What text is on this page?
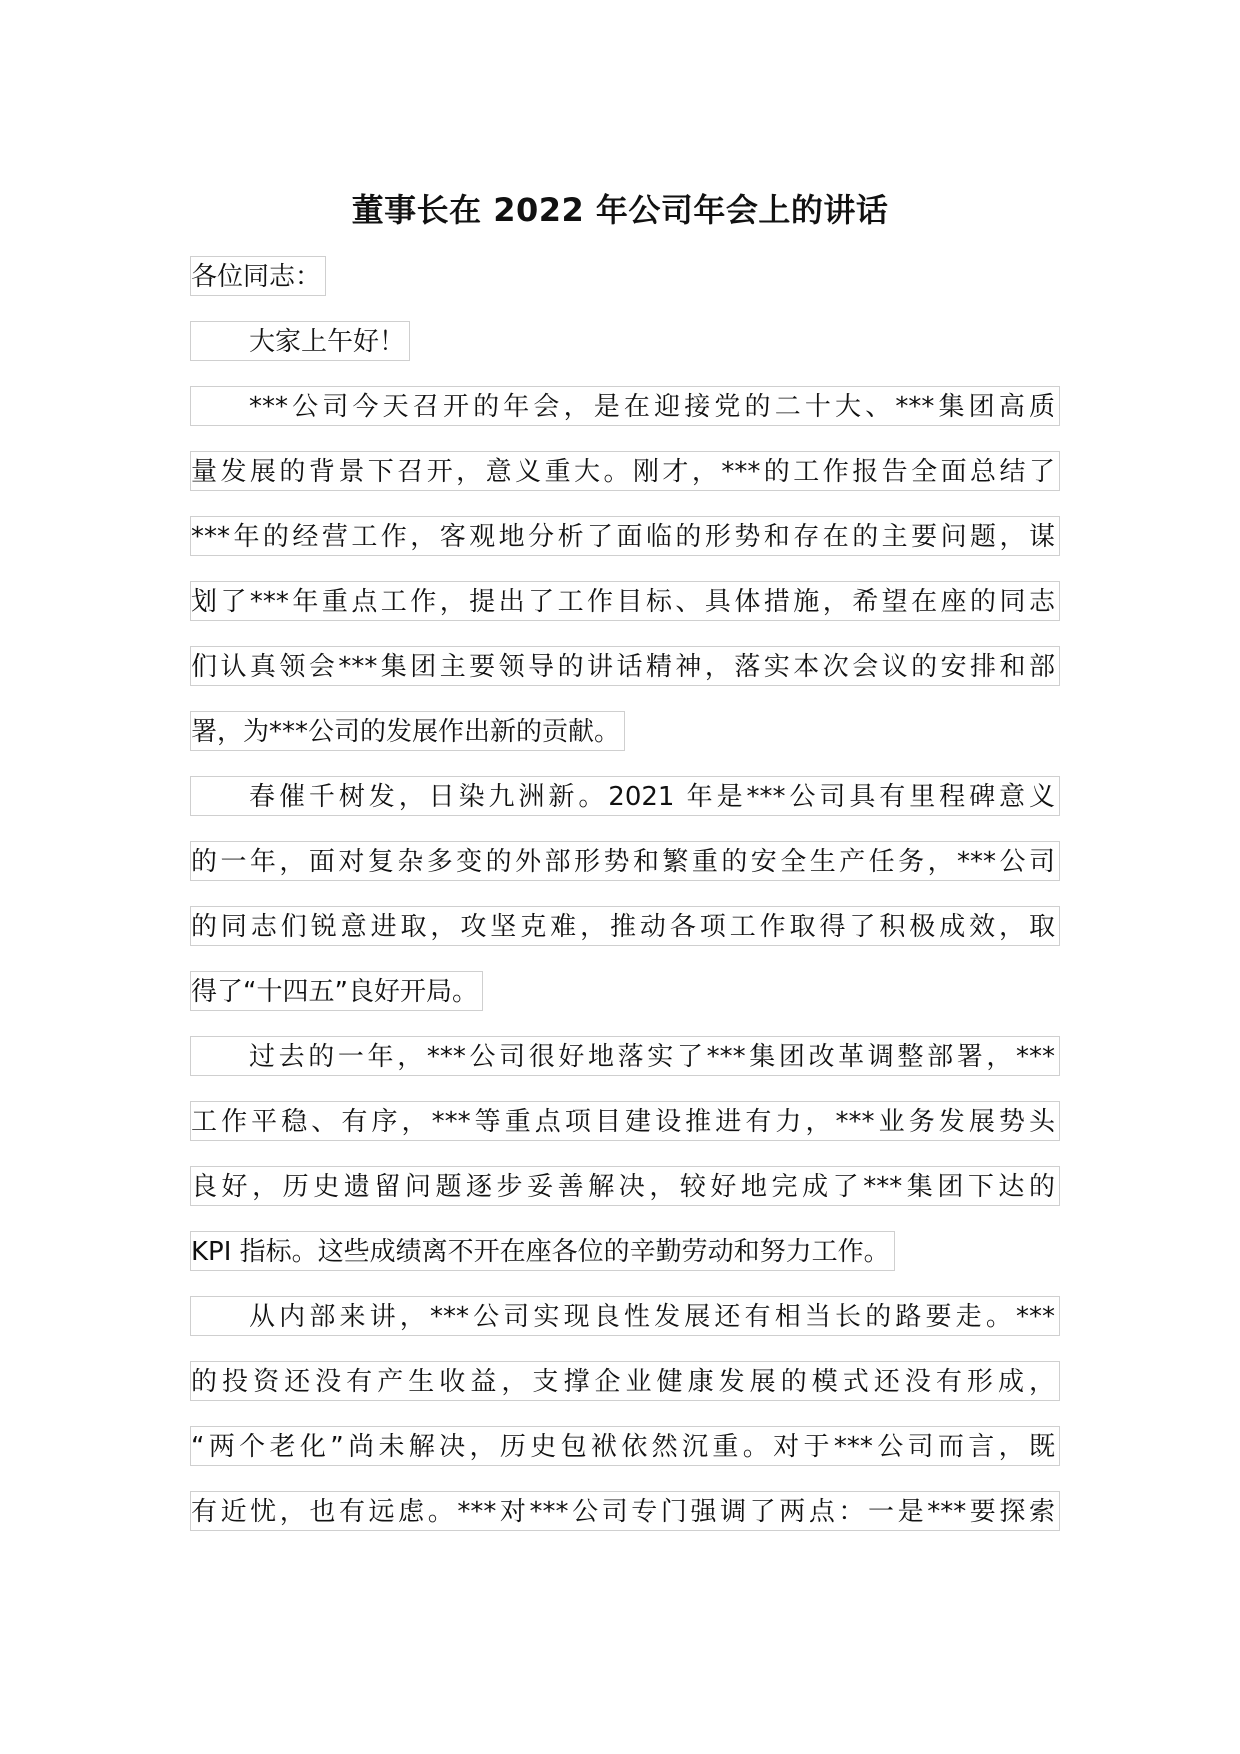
董事长在 2022 年公司年会上的讲话
各位同志：
大家上午好！
***公司今天召开的年会，是在迎接党的二十大、***集团高质
量发展的背景下召开，意义重大。刚才，***的工作报告全面总结了
***年的经营工作，客观地分析了面临的形势和存在的主要问题，谋
划了***年重点工作，提出了工作目标、具体措施，希望在座的同志
们认真领会***集团主要领导的讲话精神，落实本次会议的安排和部
署，为***公司的发展作出新的贡献。
春催千树发，日染九洲新。2021 年是***公司具有里程碑意义
的一年，面对复杂多变的外部形势和繁重的安全生产任务，***公司
的同志们锐意进取，攻坚克难，推动各项工作取得了积极成效，取
得了“十四五”良好开局。
过去的一年，***公司很好地落实了***集团改革调整部署，***
工作平稳、有序，***等重点项目建设推进有力，***业务发展势头
良好，历史遗留问题逐步妥善解决，较好地完成了***集团下达的
KPI 指标。这些成绩离不开在座各位的辛勤劳动和努力工作。
从内部来讲，***公司实现良性发展还有相当长的路要走。***
的投资还没有产生收益，支撑企业健康发展的模式还没有形成，
“两个老化”尚未解决，历史包袱依然沉重。对于***公司而言，既
有近忧，也有远虑。***对***公司专门强调了两点：一是***要探索
